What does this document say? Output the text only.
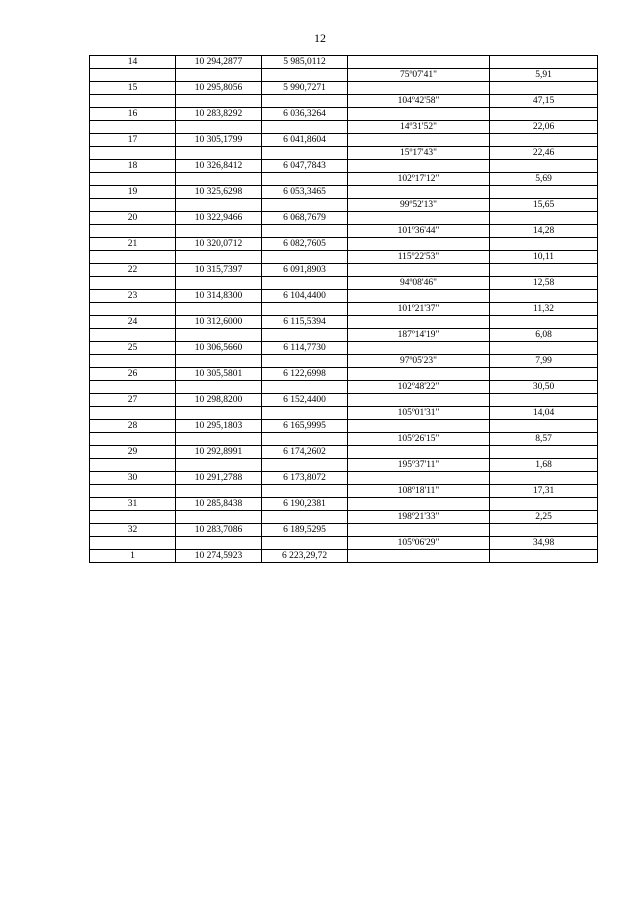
12
14	10 294,2877	5 985,0112		
			75º07'41"	5,91
15	10 295,8056	5 990,7271		
			104º42'58"	47,15
16	10 283,8292	6 036,3264		
			14º31'52"	22,06
17	10 305,1799	6 041,8604		
			15º17'43"	22,46
18	10 326,8412	6 047,7843		
			102º17'12"	5,69
19	10 325,6298	6 053,3465		
			99º52'13"	15,65
20	10 322,9466	6 068,7679		
			101º36'44"	14,28
21	10 320,0712	6 082,7605		
			115º22'53"	10,11
22	10 315,7397	6 091,8903		
			94º08'46"	12,58
23	10 314,8300	6 104,4400		
			101º21'37"	11,32
24	10 312,6000	6 115,5394		
			187º14'19"	6,08
25	10 306,5660	6 114,7730		
			97º05'23"	7,99
26	10 305,5801	6 122,6998		
			102º48'22"	30,50
27	10 298,8200	6 152,4400		
			105º01'31"	14,04
28	10 295,1803	6 165,9995		
			105º26'15"	8,57
29	10 292,8991	6 174,2602		
			195º37'11"	1,68
30	10 291,2788	6 173,8072		
			108º18'11"	17,31
31	10 285,8438	6 190,2381		
			198º21'33"	2,25
32	10 283,7086	6 189,5295		
			105º06'29"	34,98
1	10 274,5923	6 223,29,72		
